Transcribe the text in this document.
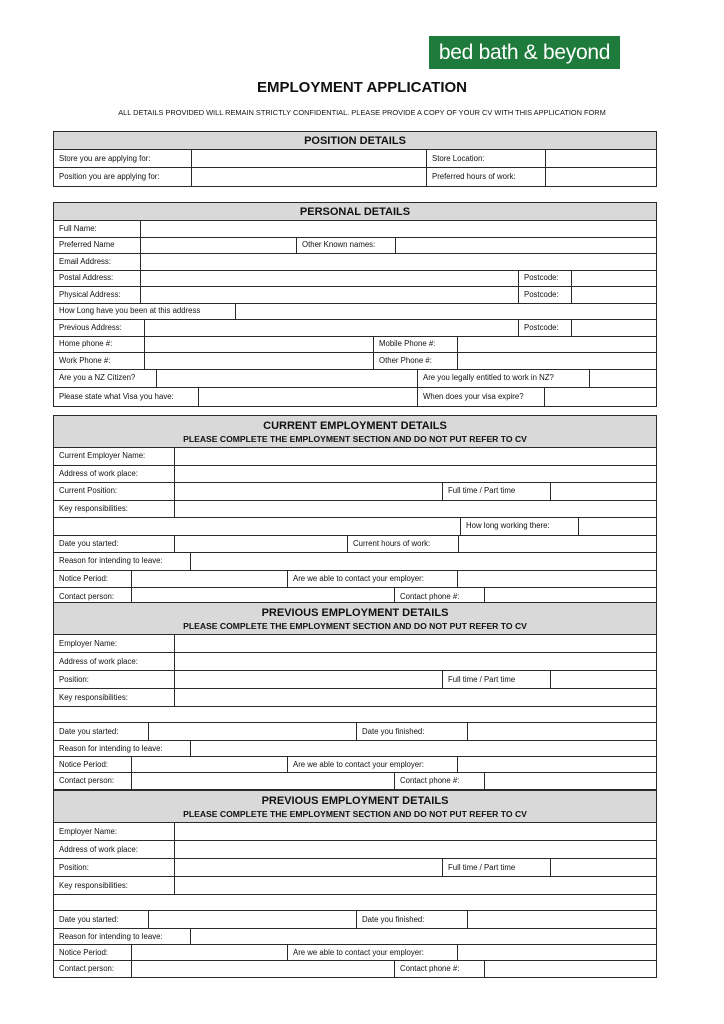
bed bath & beyond
EMPLOYMENT APPLICATION
ALL DETAILS PROVIDED WILL REMAIN STRICTLY CONFIDENTIAL. PLEASE PROVIDE A COPY OF YOUR CV WITH THIS APPLICATION FORM
POSITION DETAILS
Store you are applying for:	Store Location:
Position you are applying for:	Preferred hours of work:
PERSONAL DETAILS
Full Name:
Preferred Name	Other Known names:
Email Address:
Postal Address:	Postcode:
Physical Address:	Postcode:
How Long have you been at this address
Previous Address:	Postcode:
Home phone #:	Mobile Phone #:
Work Phone #:	Other Phone #:
Are you a NZ Citizen?	Are you legally entitled to work in NZ?
Please state what Visa you have:	When does your visa expire?
CURRENT EMPLOYMENT DETAILS
PLEASE COMPLETE THE EMPLOYMENT SECTION AND DO NOT PUT REFER TO CV
Current Employer Name:
Address of work place:
Current Position:	Full time / Part time
Key responsibilities:
How long working there:
Date you started:	Current hours of work:
Reason for intending to leave:
Notice Period:	Are we able to contact your employer:
Contact person:	Contact phone #:
PREVIOUS EMPLOYMENT DETAILS
PLEASE COMPLETE THE EMPLOYMENT SECTION AND DO NOT PUT REFER TO CV
Employer Name:
Address of work place:
Position:	Full time / Part time
Key responsibilities:
Date you started:	Date you finished:
Reason for intending to leave:
Notice Period:	Are we able to contact your employer:
Contact person:	Contact phone #:
PREVIOUS EMPLOYMENT DETAILS
PLEASE COMPLETE THE EMPLOYMENT SECTION AND DO NOT PUT REFER TO CV
Employer Name:
Address of work place:
Position:	Full time / Part time
Key responsibilities:
Date you started:	Date you finished:
Reason for intending to leave:
Notice Period:	Are we able to contact your employer:
Contact person:	Contact phone #:
